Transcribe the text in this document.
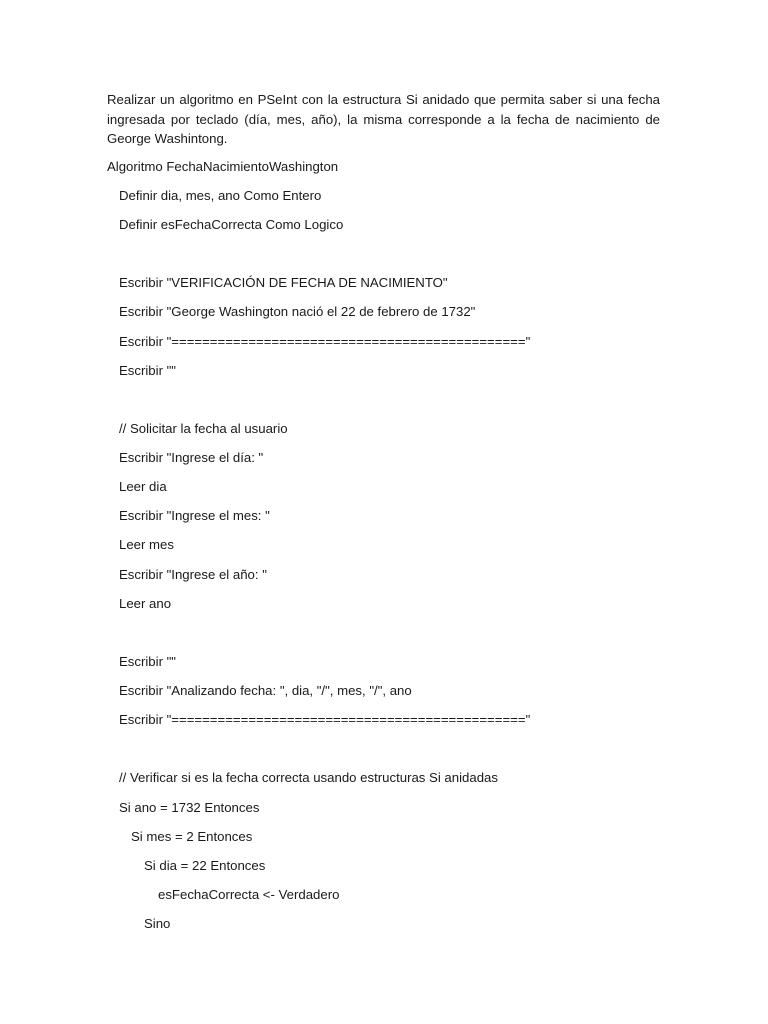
Realizar un algoritmo en PSeInt con la estructura Si anidado que permita saber si una fecha ingresada por teclado (día, mes, año), la misma corresponde a la fecha de nacimiento de George Washintong.

Algoritmo FechaNacimientoWashington
Definir dia, mes, ano Como Entero
Definir esFechaCorrecta Como Logico
Escribir "VERIFICACIÓN DE FECHA DE NACIMIENTO"
Escribir "George Washington nació el 22 de febrero de 1732"
Escribir "=============================================="
Escribir ""
// Solicitar la fecha al usuario
Escribir "Ingrese el día: "
Leer dia
Escribir "Ingrese el mes: "
Leer mes
Escribir "Ingrese el año: "
Leer ano
Escribir ""
Escribir "Analizando fecha: ", dia, "/", mes, "/", ano
Escribir "=============================================="
// Verificar si es la fecha correcta usando estructuras Si anidadas
Si ano = 1732 Entonces
Si mes = 2 Entonces
Si dia = 22 Entonces
esFechaCorrecta <- Verdadero
Sino
